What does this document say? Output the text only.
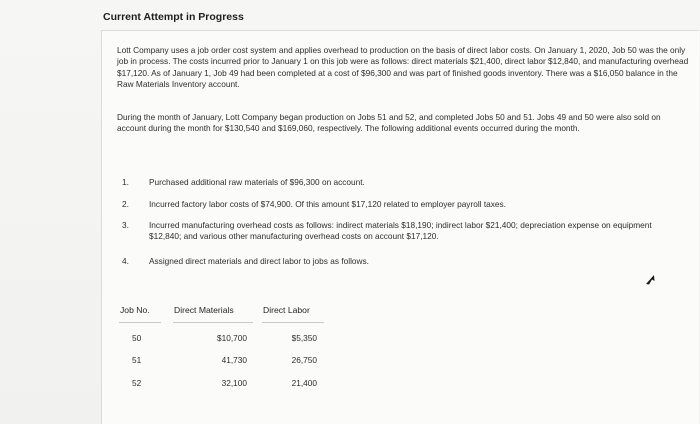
Current Attempt in Progress
Lott Company uses a job order cost system and applies overhead to production on the basis of direct labor costs. On January 1, 2020, Job 50 was the only job in process. The costs incurred prior to January 1 on this job were as follows: direct materials $21,400, direct labor $12,840, and manufacturing overhead $17,120. As of January 1, Job 49 had been completed at a cost of $96,300 and was part of finished goods inventory. There was a $16,050 balance in the Raw Materials Inventory account.
During the month of January, Lott Company began production on Jobs 51 and 52, and completed Jobs 50 and 51. Jobs 49 and 50 were also sold on account during the month for $130,540 and $169,060, respectively. The following additional events occurred during the month.
1.	Purchased additional raw materials of $96,300 on account.
2.	Incurred factory labor costs of $74,900. Of this amount $17,120 related to employer payroll taxes.
3.	Incurred manufacturing overhead costs as follows: indirect materials $18,190; indirect labor $21,400; depreciation expense on equipment $12,840; and various other manufacturing overhead costs on account $17,120.
4.	Assigned direct materials and direct labor to jobs as follows.
Job No.	Direct Materials	Direct Labor
50	$10,700	$5,350
51	41,730	26,750
52	32,100	21,400
